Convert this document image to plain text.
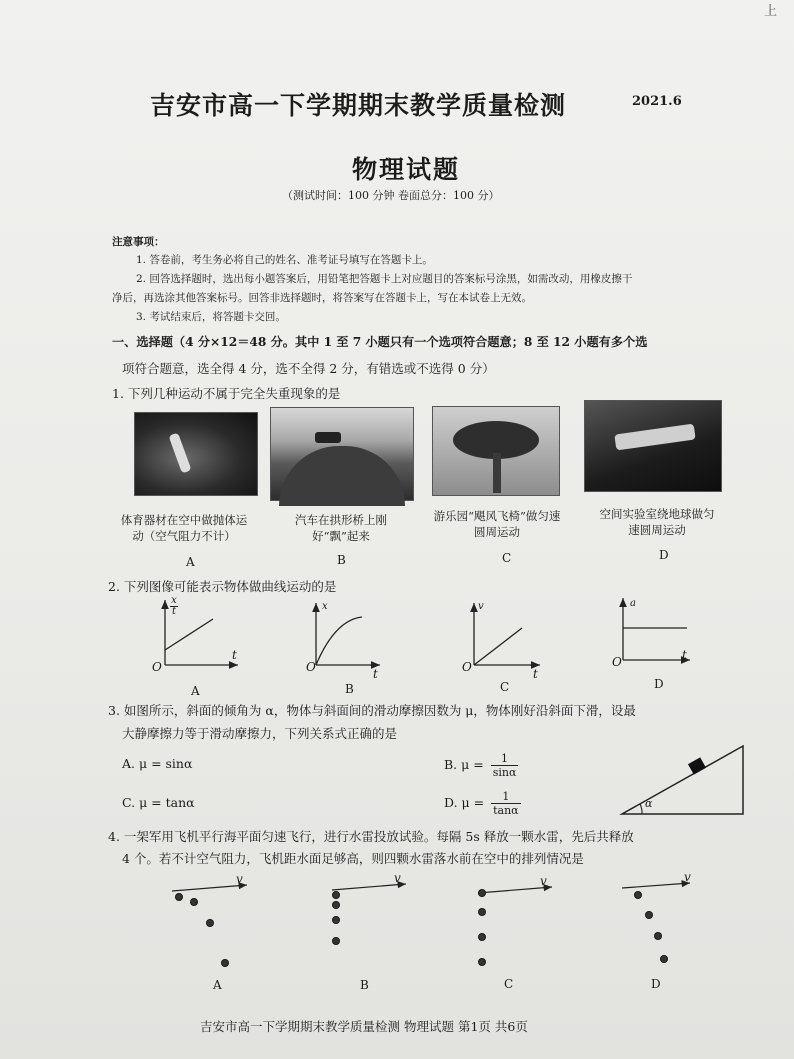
上
吉安市高一下学期期末教学质量检测	2021.6
物理试题
（测试时间：100 分钟 卷面总分：100 分）
注意事项：
1. 答卷前，考生务必将自己的姓名、准考证号填写在答题卡上。
2. 回答选择题时，选出每小题答案后，用铅笔把答题卡上对应题目的答案标号涂黑，如需改动，用橡皮擦干
净后，再选涂其他答案标号。回答非选择题时，将答案写在答题卡上，写在本试卷上无效。
3. 考试结束后，将答题卡交回。
一、选择题（4 分×12＝48 分。其中 1 至 7 小题只有一个选项符合题意；8 至 12 小题有多个选
项符合题意，选全得 4 分，选不全得 2 分，有错选或不选得 0 分）
1. 下列几种运动不属于完全失重现象的是
体育器材在空中做抛体运动（空气阻力不计）
汽车在拱形桥上刚好“飘”起来
游乐园“飓风飞椅”做匀速圆周运动
空间实验室绕地球做匀速圆周运动
A	B	C	D
2. 下列图像可能表示物体做曲线运动的是
x
t
t
O
A
x
t
O
B
v
t
O
C
a
t
O
D
3. 如图所示，斜面的倾角为 α，物体与斜面间的滑动摩擦因数为 μ，物体刚好沿斜面下滑，设最
大静摩擦力等于滑动摩擦力，下列关系式正确的是
A. μ = sinα	B. $\mu = \frac{1}{\sin\alpha}$
C. μ = tanα	D. $\mu = \frac{1}{\tan\alpha}$	α
4. 一架军用飞机平行海平面匀速飞行，进行水雷投放试验。每隔 5s 释放一颗水雷，先后共释放
4 个。若不计空气阻力，飞机距水面足够高，则四颗水雷落水前在空中的排列情况是
v	v	v	v
A	B	C	D
吉安市高一下学期期末教学质量检测 物理试题 第1页 共6页
